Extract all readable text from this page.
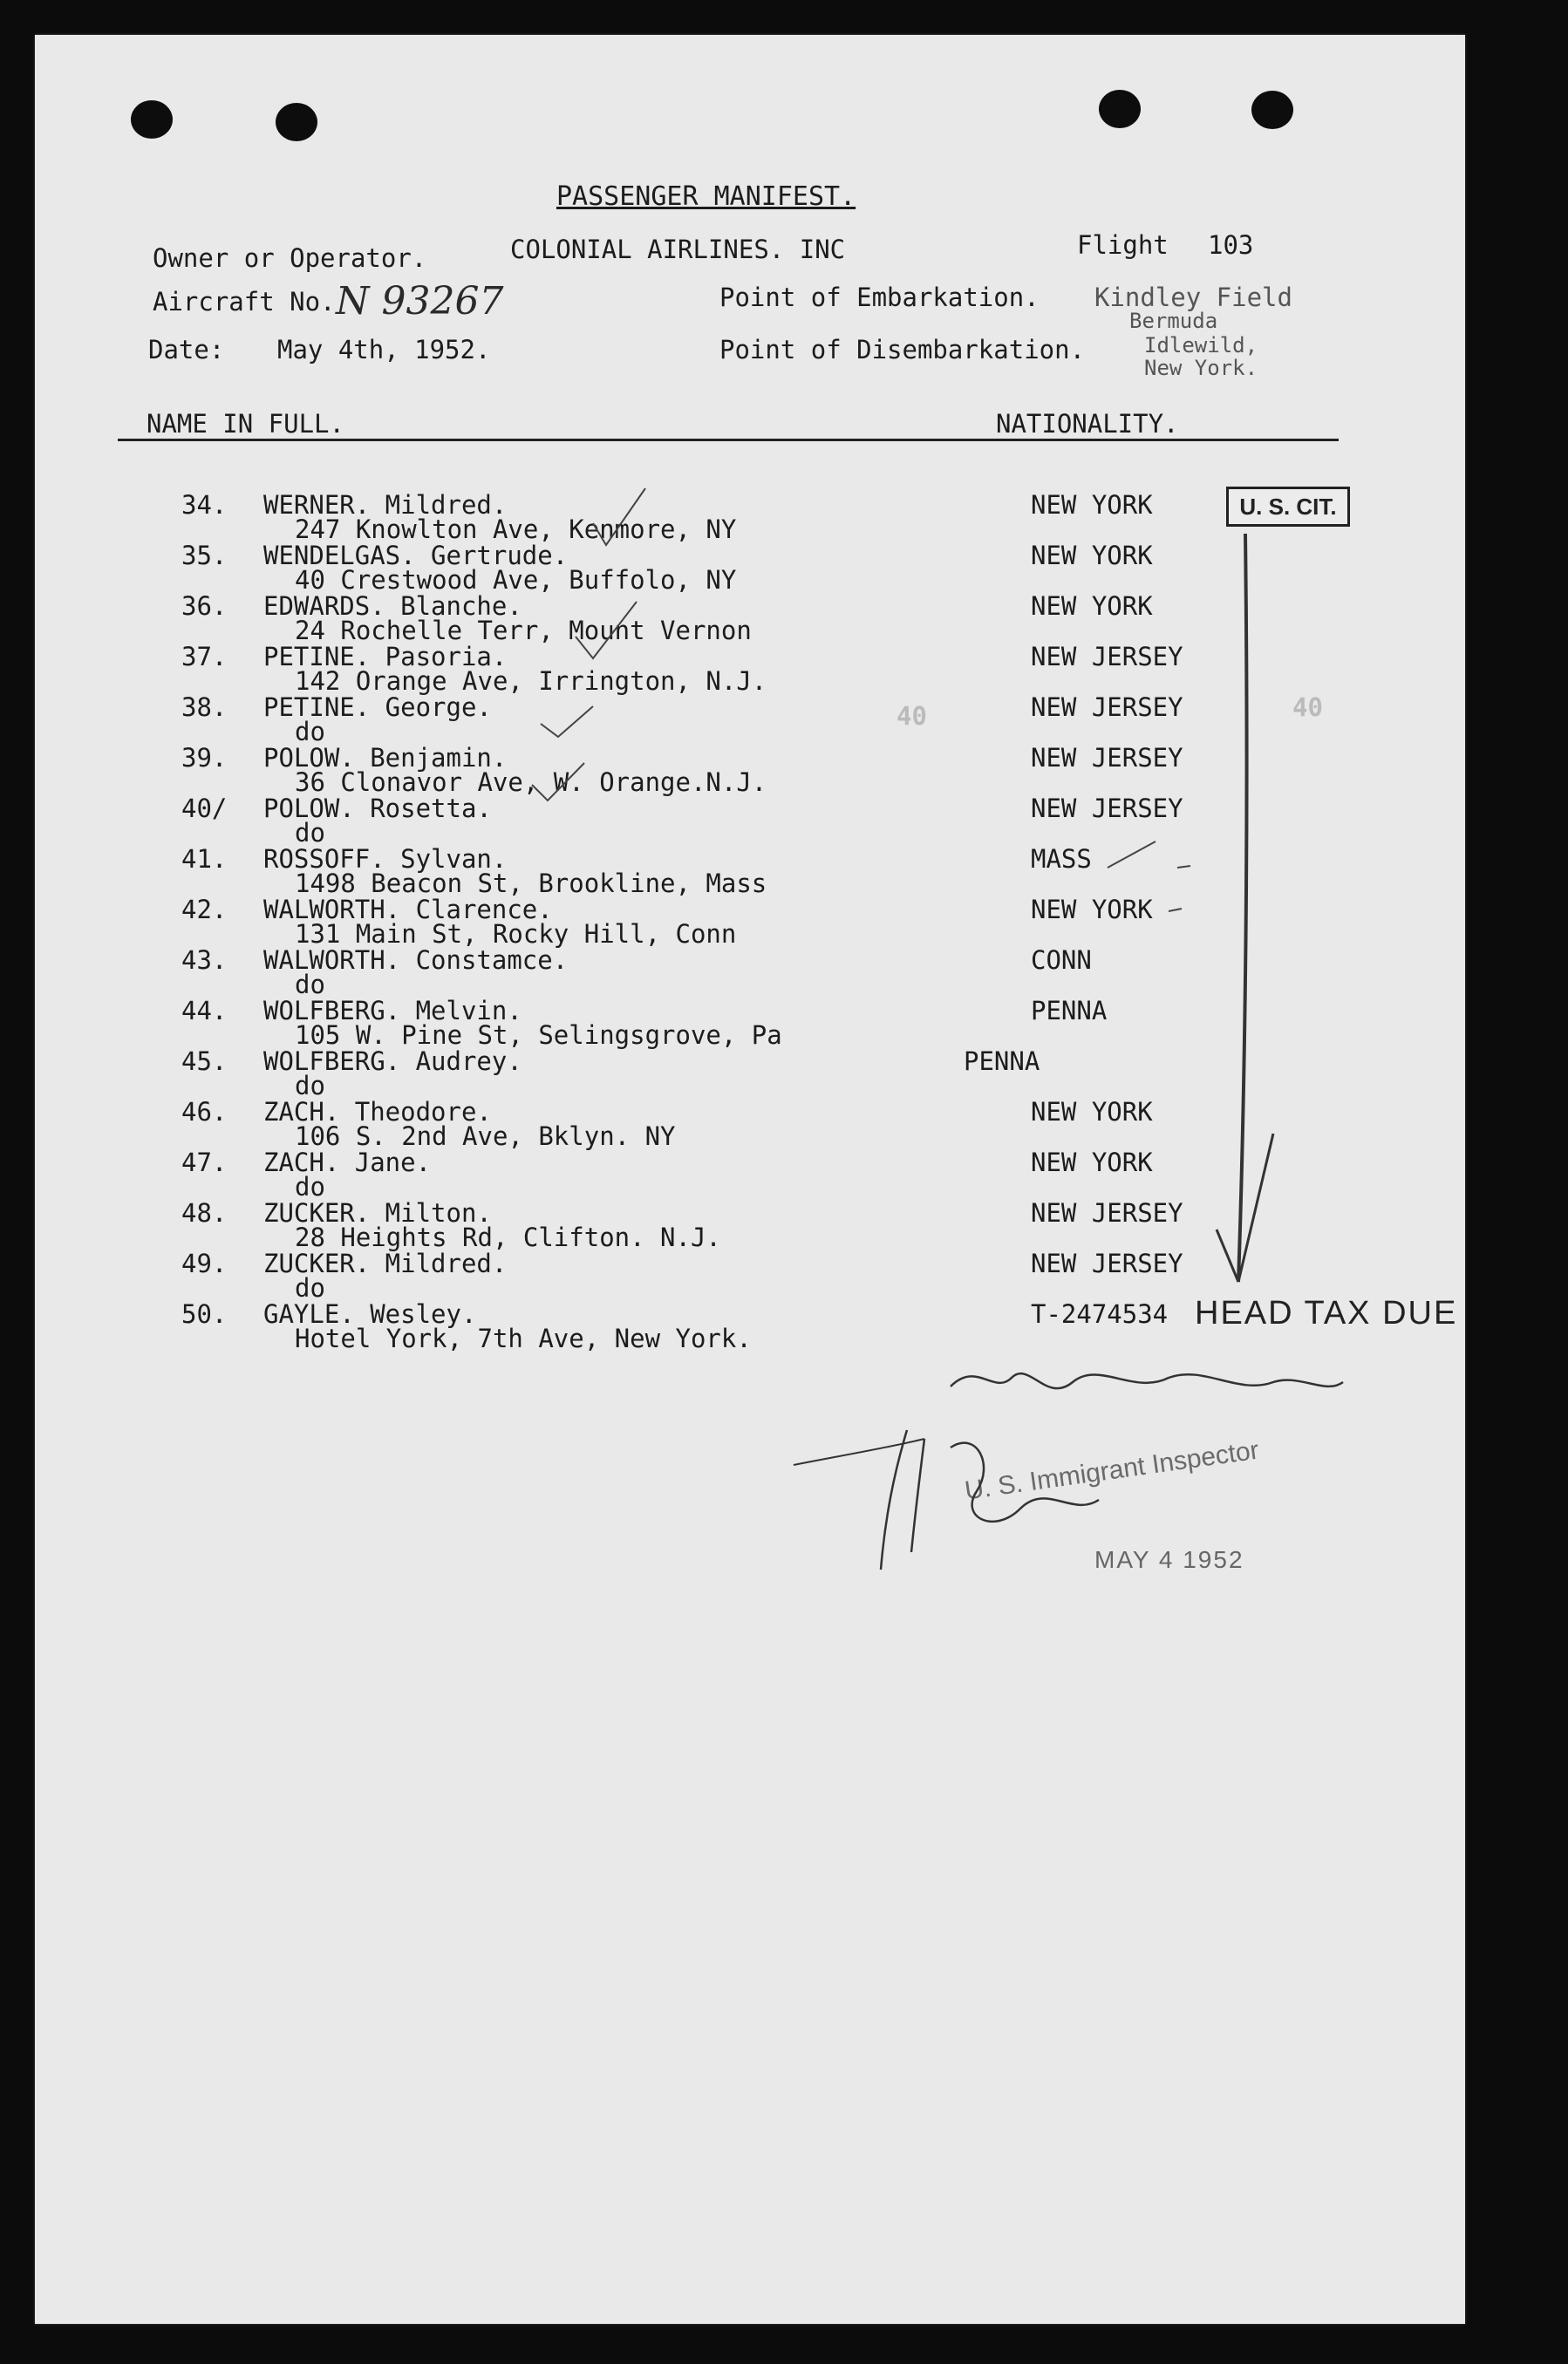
PASSENGER MANIFEST.
Owner or Operator.	COLONIAL AIRLINES. INC	Flight 103
Aircraft No. N 93267	Point of Embarkation. Kindley Field
Bermuda
Date: May 4th, 1952.	Point of Disembarkation.	Idlewild,
New York.
NAME IN FULL.	NATIONALITY.
34. WERNER. Mildred.
247 Knowlton Ave, Kenmore, NY
NEW YORK
35. WENDELGAS. Gertrude.
40 Crestwood Ave, Buffolo, NY
NEW YORK
36. EDWARDS. Blanche.
24 Rochelle Terr, Mount Vernon
NEW YORK
37. PETINE. Pasoria.
142 Orange Ave, Irrington, N.J.
NEW JERSEY
38. PETINE. George.
do
NEW JERSEY
39. POLOW. Benjamin.
36 Clonavor Ave, W. Orange.N.J.
NEW JERSEY
40/ POLOW. Rosetta.
do
NEW JERSEY
41. ROSSOFF. Sylvan.
1498 Beacon St, Brookline, Mass
MASS
42. WALWORTH. Clarence.
131 Main St, Rocky Hill, Conn
NEW YORK
43. WALWORTH. Constamce.
do
CONN
44. WOLFBERG. Melvin.
105 W. Pine St, Selingsgrove, Pa
PENNA
45. WOLFBERG. Audrey.
do
PENNA
46. ZACH. Theodore.
106 S. 2nd Ave, Bklyn. NY
NEW YORK
47. ZACH. Jane.
do
NEW YORK
48. ZUCKER. Milton.
28 Heights Rd, Clifton. N.J.
NEW JERSEY
49. ZUCKER. Mildred.
do
NEW JERSEY
50. GAYLE. Wesley.
Hotel York, 7th Ave, New York.
T-2474534
U. S. CIT.
HEAD TAX DUE
U. S. Immigrant Inspector
MAY 4 1952
40	40
